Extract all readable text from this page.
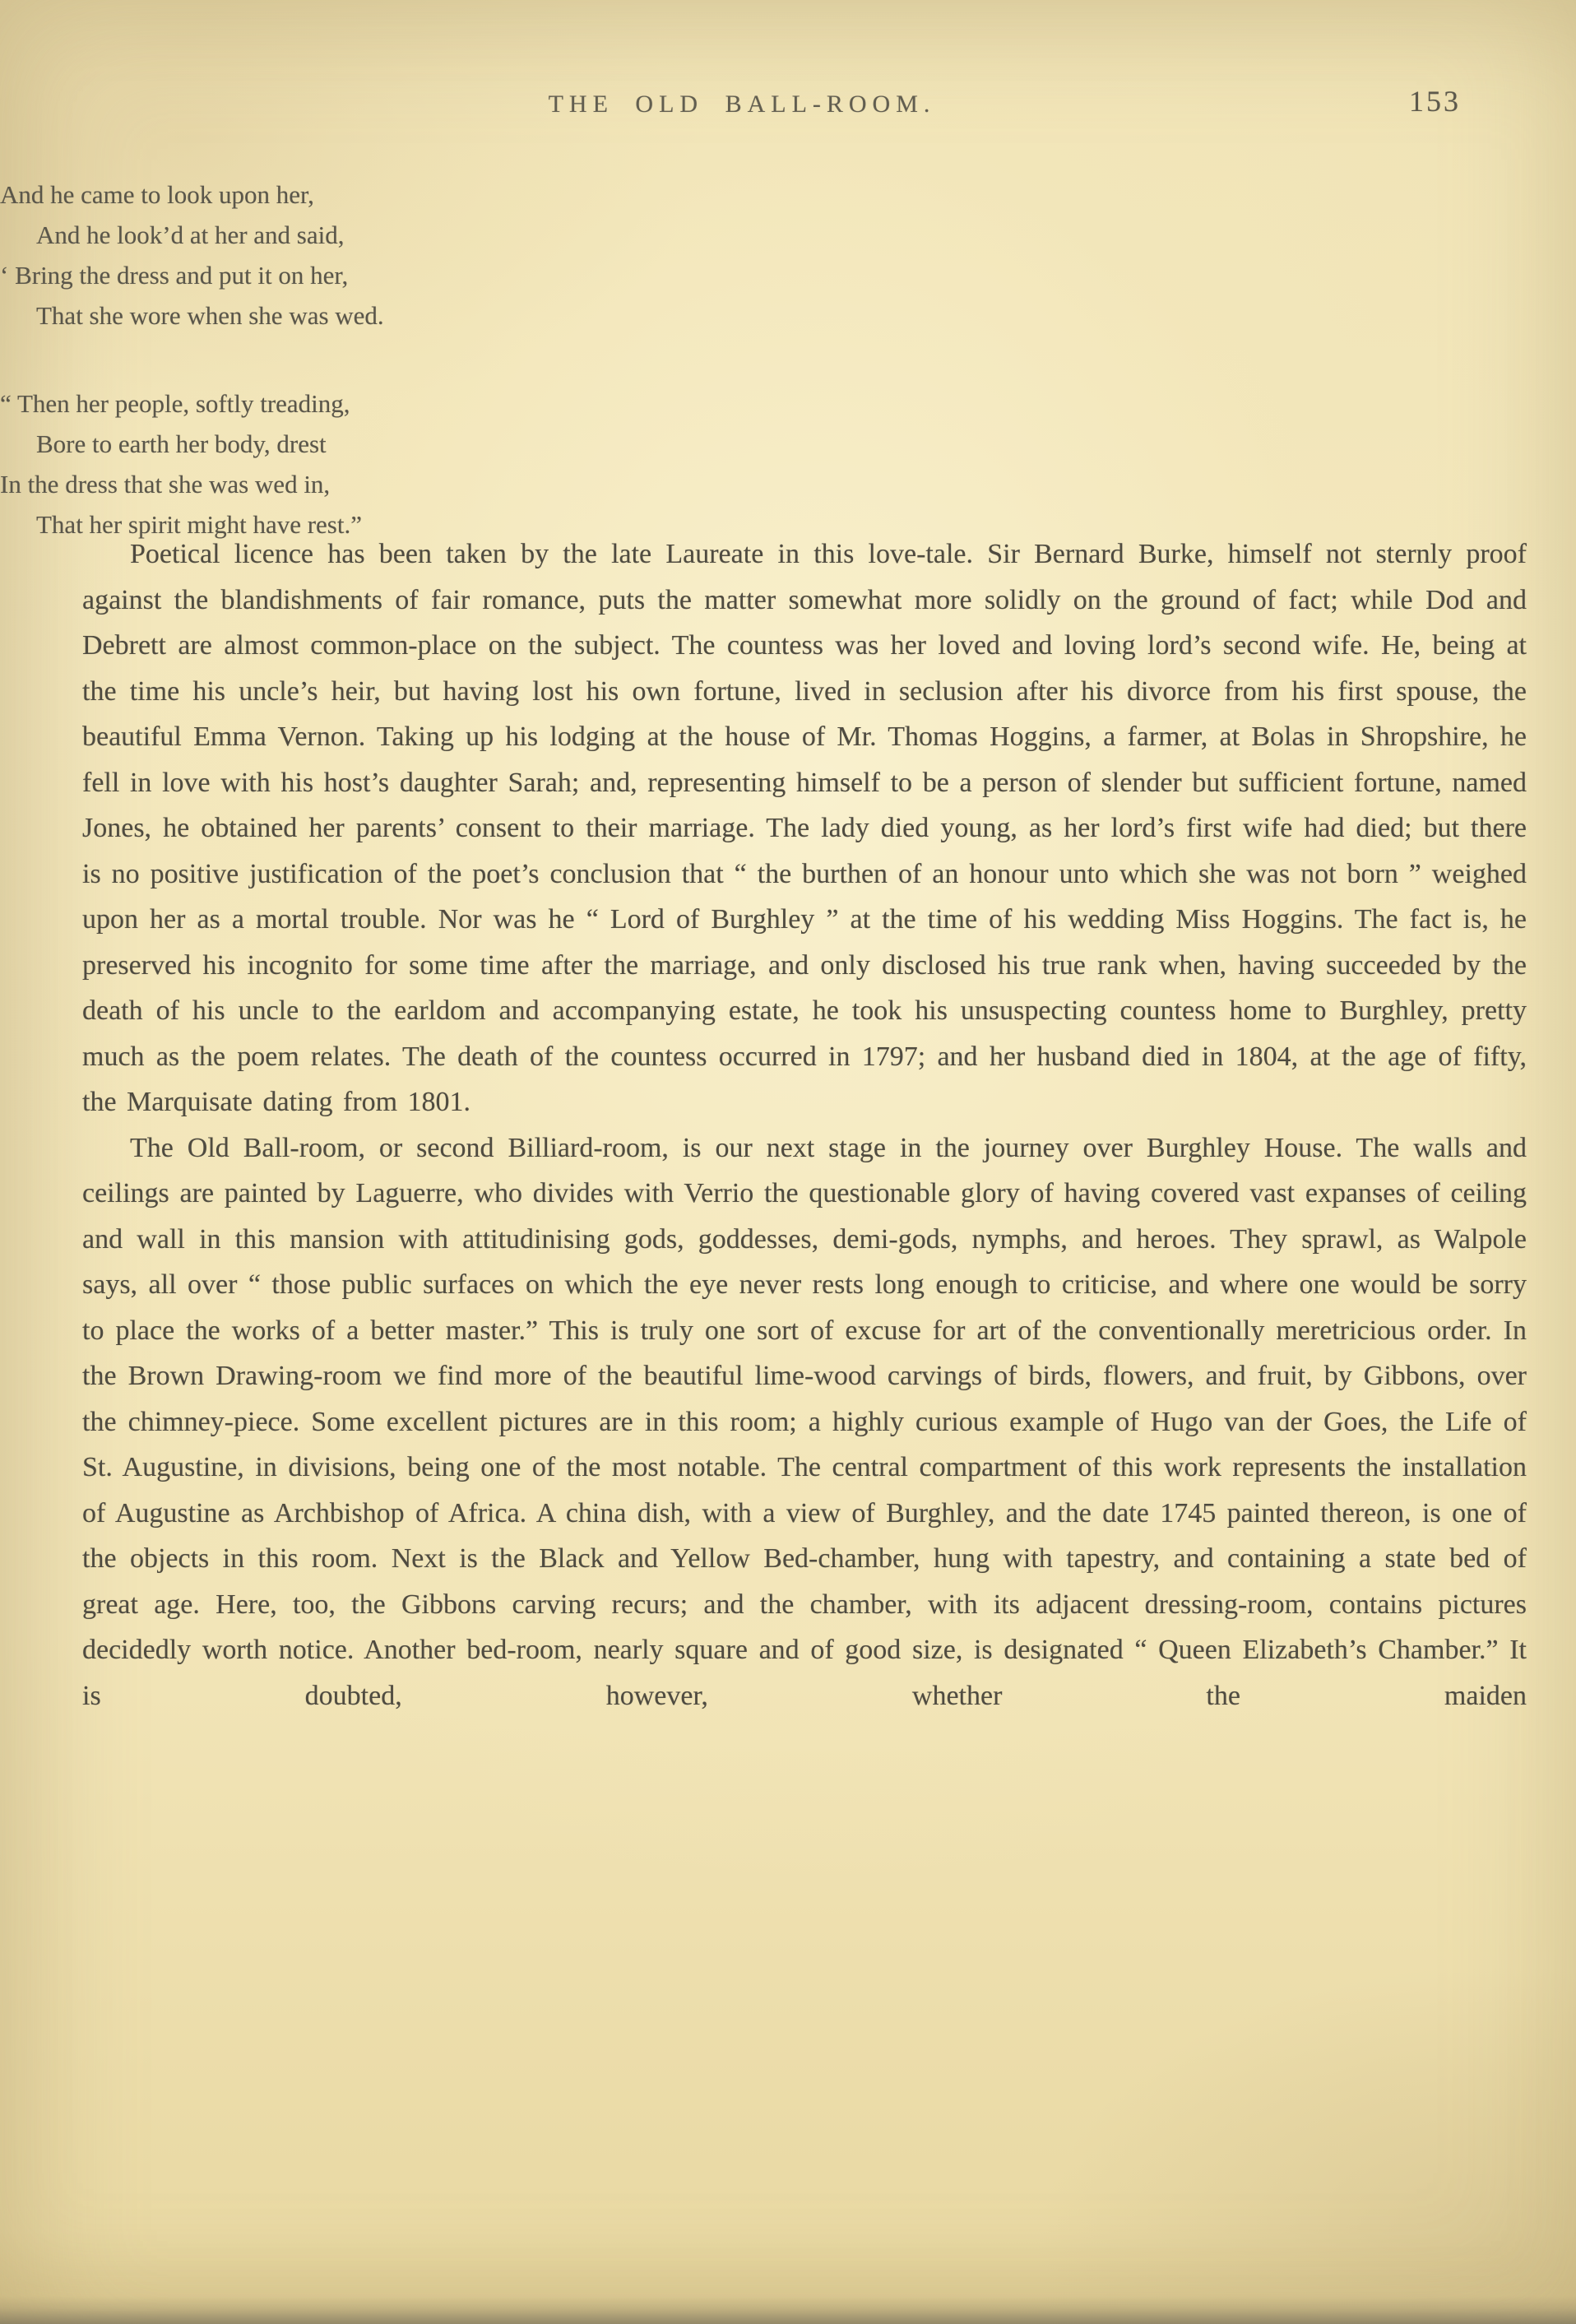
THE OLD BALL-ROOM.	153
And he came to look upon her,
And he look’d at her and said,
‘ Bring the dress and put it on her,
That she wore when she was wed.
“ Then her people, softly treading,
Bore to earth her body, drest
In the dress that she was wed in,
That her spirit might have rest.”

Poetical licence has been taken by the late Laureate in this love-tale. Sir Bernard Burke, himself not sternly proof against the blandishments of fair romance, puts the matter somewhat more solidly on the ground of fact; while Dod and Debrett are almost common-place on the subject. The countess was her loved and loving lord’s second wife. He, being at the time his uncle’s heir, but having lost his own fortune, lived in seclusion after his divorce from his first spouse, the beautiful Emma Vernon. Taking up his lodging at the house of Mr. Thomas Hoggins, a farmer, at Bolas in Shropshire, he fell in love with his host’s daughter Sarah; and, representing himself to be a person of slender but sufficient fortune, named Jones, he obtained her parents’ consent to their marriage. The lady died young, as her lord’s first wife had died; but there is no positive justification of the poet’s conclusion that “ the burthen of an honour unto which she was not born ” weighed upon her as a mortal trouble. Nor was he “ Lord of Burghley ” at the time of his wedding Miss Hoggins. The fact is, he preserved his incognito for some time after the marriage, and only disclosed his true rank when, having succeeded by the death of his uncle to the earldom and accompanying estate, he took his unsuspecting countess home to Burghley, pretty much as the poem relates. The death of the countess occurred in 1797; and her husband died in 1804, at the age of fifty, the Marquisate dating from 1801.

The Old Ball-room, or second Billiard-room, is our next stage in the journey over Burghley House. The walls and ceilings are painted by Laguerre, who divides with Verrio the questionable glory of having covered vast expanses of ceiling and wall in this mansion with attitudinising gods, goddesses, demi-gods, nymphs, and heroes. They sprawl, as Walpole says, all over “ those public surfaces on which the eye never rests long enough to criticise, and where one would be sorry to place the works of a better master.” This is truly one sort of excuse for art of the conventionally meretricious order. In the Brown Drawing-room we find more of the beautiful lime-wood carvings of birds, flowers, and fruit, by Gibbons, over the chimney-piece. Some excellent pictures are in this room; a highly curious example of Hugo van der Goes, the Life of St. Augustine, in divisions, being one of the most notable. The central compartment of this work represents the installation of Augustine as Archbishop of Africa. A china dish, with a view of Burghley, and the date 1745 painted thereon, is one of the objects in this room. Next is the Black and Yellow Bed-chamber, hung with tapestry, and containing a state bed of great age. Here, too, the Gibbons carving recurs; and the chamber, with its adjacent dressing-room, contains pictures decidedly worth notice. Another bed-room, nearly square and of good size, is designated “ Queen Elizabeth’s Chamber.” It is doubted, however, whether the maiden
